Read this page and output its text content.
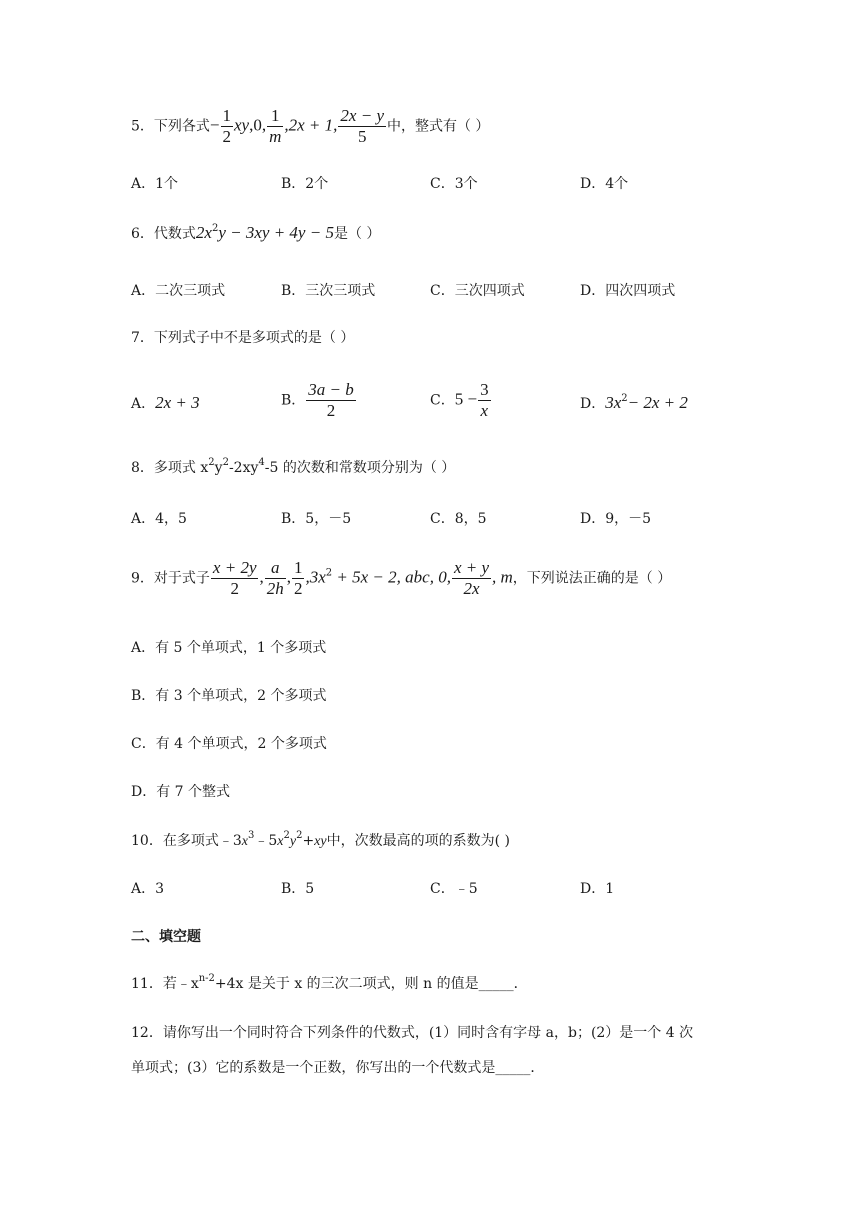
5．下列各式− $\frac{1}{2} xy,0$, $\frac{1}{m} ,2x + 1$, $\frac{2x - y}{5}$ 中，整式有（ ）
A．1个	B．2个	C．3个	D．4个
6．代数式$2x^2y - 3xy + 4y - 5$是（ ）
A．二次三项式	B．三次三项式	C．三次四项式	D．四次四项式
7．下列式子中不是多项式的是（ ）
A．2x + 3	B． $\frac{3a - b}{2}$	C．$5 - \frac{3}{x}$	D．$3x^2- 2x + 2$
8．多项式 $x^2y^2-2xy^4-5$ 的次数和常数项分别为（ ）
A．4，5	B．5，－5	C．8，5	D．9，－5
9．对于式子 $\frac{x + 2y}{2}$ , $\frac{a}{2h}$ , $\frac{1}{2} ,3x^2 + 5x - 2$, abc, 0, $\frac{x + y}{2x}$ , m，下列说法正确的是（ ）
A．有 5 个单项式，1 个多项式
B．有 3 个单项式，2 个多项式
C．有 4 个单项式，2 个多项式
D．有 7 个整式
10．在多项式$﹣3x^3﹣5x^2y^2+xy$中，次数最高的项的系数为( )
A．3	B．5	C．﹣5	D．1
二、填空题
11．若$﹣x^{n-2}+4x$ 是关于 x 的三次二项式，则 n 的值是_____．
12．请你写出一个同时符合下列条件的代数式，(1）同时含有字母 a，b；(2）是一个 4 次
单项式；(3）它的系数是一个正数，你写出的一个代数式是_____．
